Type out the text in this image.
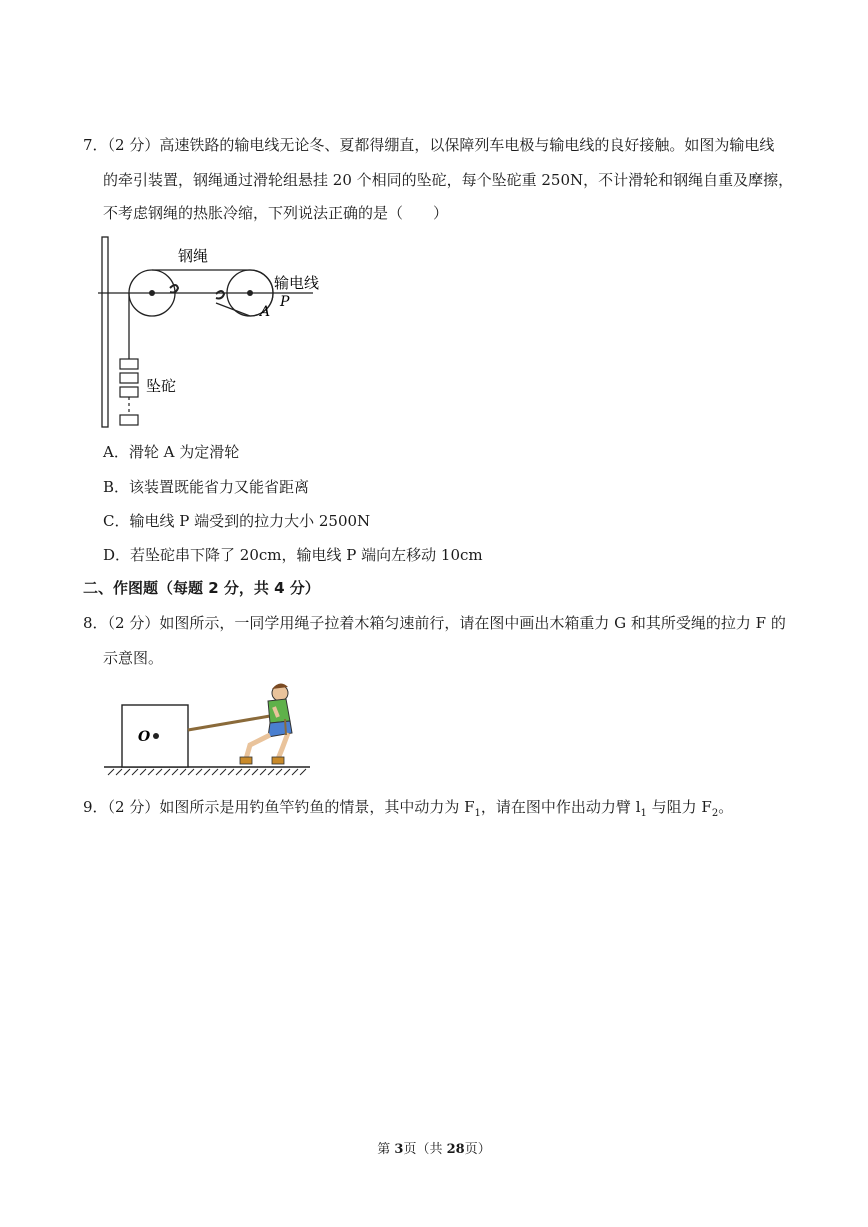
7．（2 分）高速铁路的输电线无论冬、夏都得绷直，以保障列车电极与输电线的良好接触。如图为输电线
的牵引装置，钢绳通过滑轮组悬挂 20 个相同的坠砣，每个坠砣重 250N，不计滑轮和钢绳自重及摩擦，
不考虑钢绳的热胀冷缩，下列说法正确的是（　　）
钢绳
输电线
P
A
坠砣
A．滑轮 A 为定滑轮
B．该装置既能省力又能省距离
C．输电线 P 端受到的拉力大小 2500N
D．若坠砣串下降了 20cm，输电线 P 端向左移动 10cm
二、作图题（每题 2 分，共 4 分）
8．（2 分）如图所示，一同学用绳子拉着木箱匀速前行，请在图中画出木箱重力 G 和其所受绳的拉力 F 的
示意图。
O
9．（2 分）如图所示是用钓鱼竿钓鱼的情景，其中动力为 $F_1$，请在图中作出动力臂 $l_1$ 与阻力 $F_2$。
第 3页（共 28页）
